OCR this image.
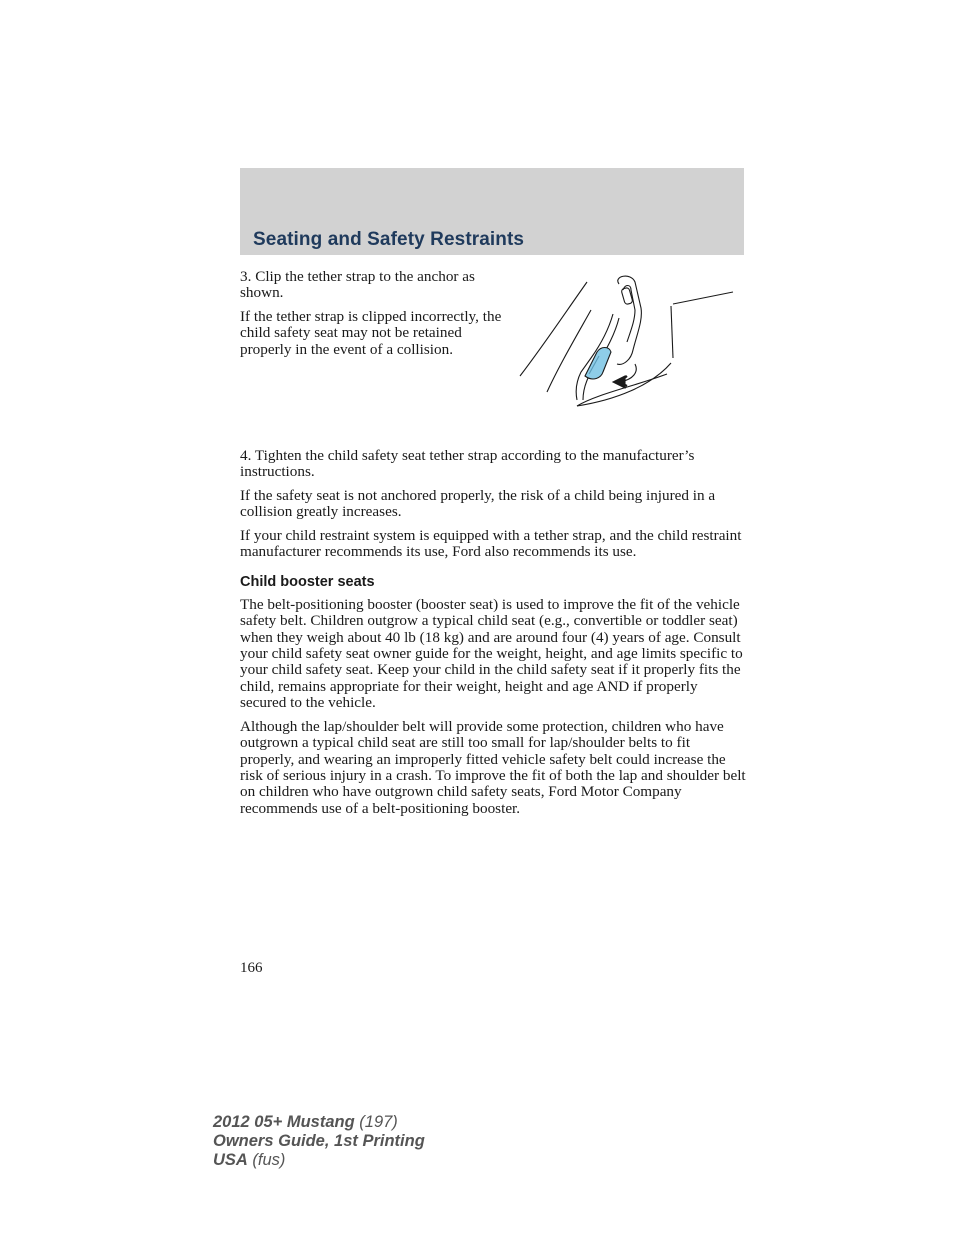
Seating and Safety Restraints

3. Clip the tether strap to the anchor as shown.

If the tether strap is clipped incorrectly, the child safety seat may not be retained properly in the event of a collision.

4. Tighten the child safety seat tether strap according to the manufacturer’s instructions.

If the safety seat is not anchored properly, the risk of a child being injured in a collision greatly increases.

If your child restraint system is equipped with a tether strap, and the child restraint manufacturer recommends its use, Ford also recommends its use.

Child booster seats

The belt-positioning booster (booster seat) is used to improve the fit of the vehicle safety belt. Children outgrow a typical child seat (e.g., convertible or toddler seat) when they weigh about 40 lb (18 kg) and are around four (4) years of age. Consult your child safety seat owner guide for the weight, height, and age limits specific to your child safety seat. Keep your child in the child safety seat if it properly fits the child, remains appropriate for their weight, height and age AND if properly secured to the vehicle.

Although the lap/shoulder belt will provide some protection, children who have outgrown a typical child seat are still too small for lap/shoulder belts to fit properly, and wearing an improperly fitted vehicle safety belt could increase the risk of serious injury in a crash. To improve the fit of both the lap and shoulder belt on children who have outgrown child safety seats, Ford Motor Company recommends use of a belt-positioning booster.

166
2012 05+ Mustang (197)
Owners Guide, 1st Printing
USA (fus)
